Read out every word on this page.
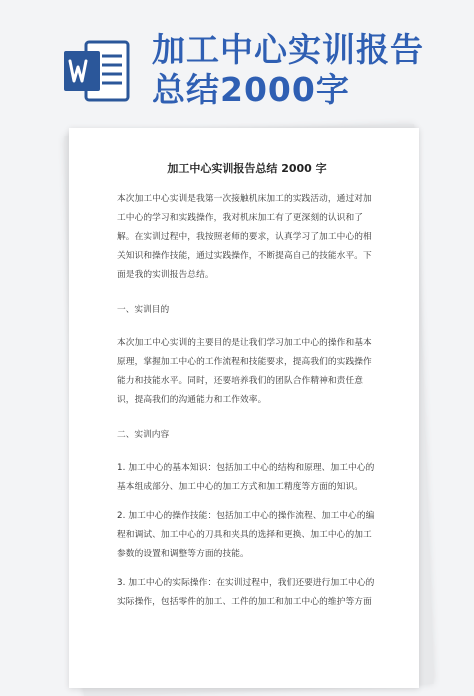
加工中心实训报告
总结2000字
加工中心实训报告总结 2000 字

本次加工中心实训是我第一次接触机床加工的实践活动，通过对加工中心的学习和实践操作，我对机床加工有了更深刻的认识和了解。在实训过程中，我按照老师的要求，认真学习了加工中心的相关知识和操作技能，通过实践操作，不断提高自己的技能水平。下面是我的实训报告总结。

一、实训目的

本次加工中心实训的主要目的是让我们学习加工中心的操作和基本原理，掌握加工中心的工作流程和技能要求，提高我们的实践操作能力和技能水平。同时，还要培养我们的团队合作精神和责任意识，提高我们的沟通能力和工作效率。

二、实训内容

1. 加工中心的基本知识：包括加工中心的结构和原理、加工中心的基本组成部分、加工中心的加工方式和加工精度等方面的知识。

2. 加工中心的操作技能：包括加工中心的操作流程、加工中心的编程和调试、加工中心的刀具和夹具的选择和更换、加工中心的加工参数的设置和调整等方面的技能。

3. 加工中心的实际操作：在实训过程中，我们还要进行加工中心的实际操作，包括零件的加工、工件的加工和加工中心的维护等方面
